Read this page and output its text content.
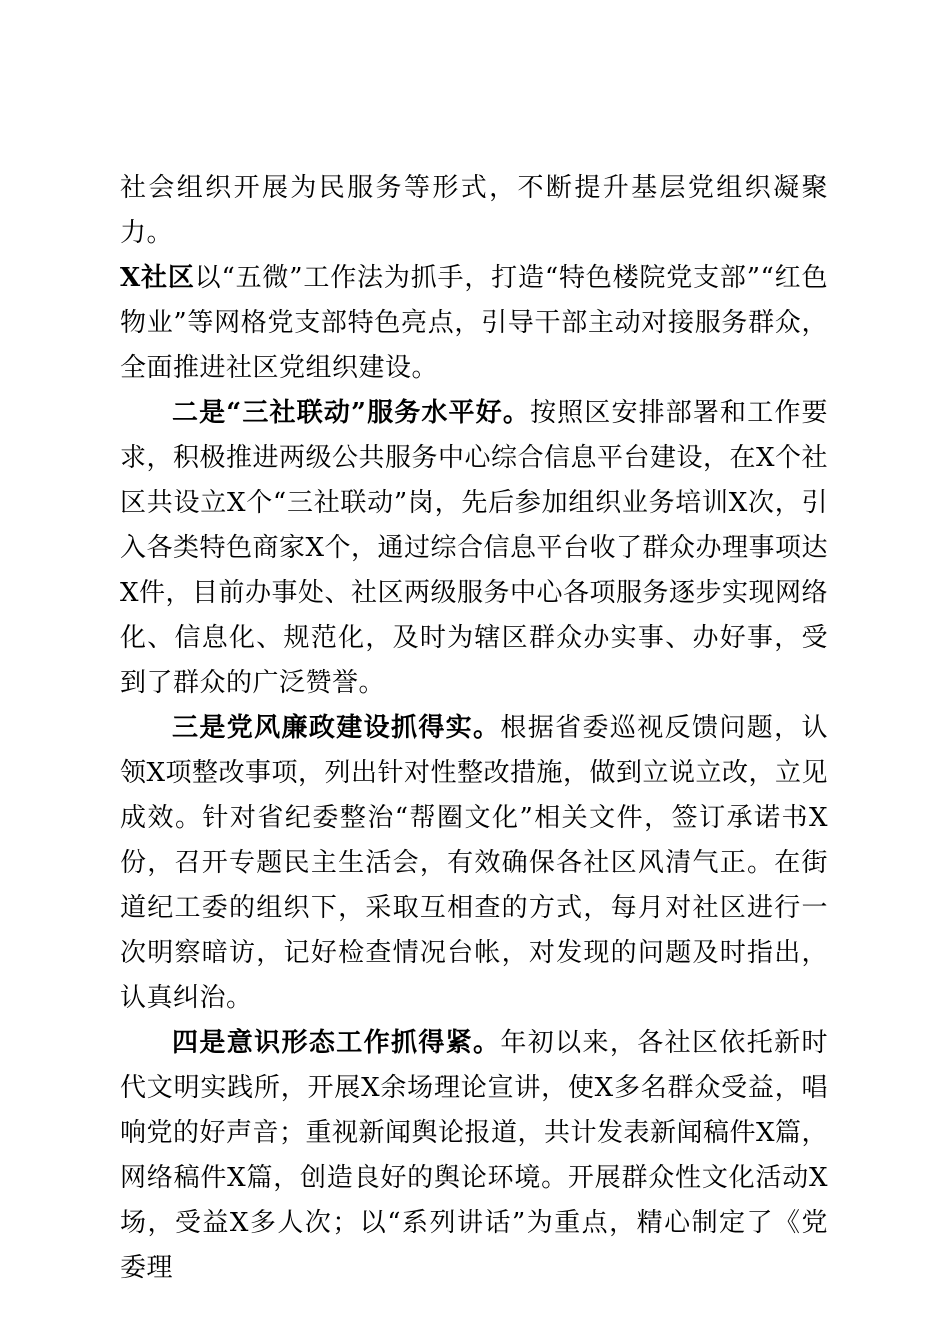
社会组织开展为民服务等形式，不断提升基层党组织凝聚力。

X社区以“五微”工作法为抓手，打造“特色楼院党支部”“红色物业”等网格党支部特色亮点，引导干部主动对接服务群众，全面推进社区党组织建设。

二是“三社联动”服务水平好。按照区安排部署和工作要求，积极推进两级公共服务中心综合信息平台建设，在X个社区共设立X个“三社联动”岗，先后参加组织业务培训X次，引入各类特色商家X个，通过综合信息平台收了群众办理事项达X件，目前办事处、社区两级服务中心各项服务逐步实现网络化、信息化、规范化，及时为辖区群众办实事、办好事，受到了群众的广泛赞誉。

三是党风廉政建设抓得实。根据省委巡视反馈问题，认领X项整改事项，列出针对性整改措施，做到立说立改，立见成效。针对省纪委整治“帮圈文化”相关文件，签订承诺书X份，召开专题民主生活会，有效确保各社区风清气正。在街道纪工委的组织下，采取互相查的方式，每月对社区进行一次明察暗访，记好检查情况台帐，对发现的问题及时指出，认真纠治。

四是意识形态工作抓得紧。年初以来，各社区依托新时代文明实践所，开展X余场理论宣讲，使X多名群众受益，唱响党的好声音；重视新闻舆论报道，共计发表新闻稿件X篇，网络稿件X篇，创造良好的舆论环境。开展群众性文化活动X场，受益X多人次；以“系列讲话”为重点，精心制定了《党委理
